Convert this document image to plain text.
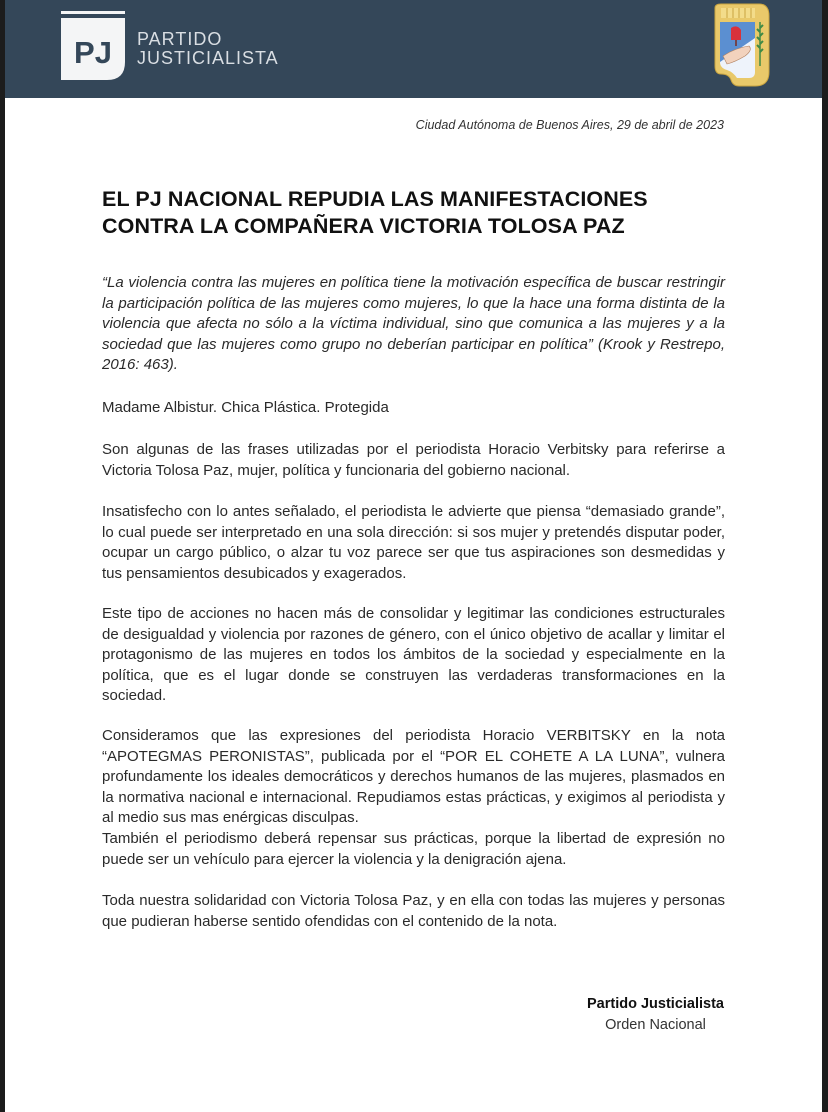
PJ PARTIDO
JUSTICIALISTA
Ciudad Autónoma de Buenos Aires, 29 de abril de 2023
EL PJ NACIONAL REPUDIA LAS MANIFESTACIONES
CONTRA LA COMPAÑERA VICTORIA TOLOSA PAZ
“La violencia contra las mujeres en política tiene la motivación específica de buscar restringir la participación política de las mujeres como mujeres, lo que la hace una forma distinta de la violencia que afecta no sólo a la víctima individual, sino que comunica a las mujeres y a la sociedad que las mujeres como grupo no deberían participar en política” (Krook y Restrepo, 2016: 463).
Madame Albistur. Chica Plástica. Protegida
Son algunas de las frases utilizadas por el periodista Horacio Verbitsky para referirse a Victoria Tolosa Paz, mujer, política y funcionaria del gobierno nacional.
Insatisfecho con lo antes señalado, el periodista le advierte que piensa “demasiado grande”, lo cual puede ser interpretado en una sola dirección: si sos mujer y pretendés disputar poder, ocupar un cargo público, o alzar tu voz parece ser que tus aspiraciones son desmedidas y tus pensamientos desubicados y exagerados.
Este tipo de acciones no hacen más de consolidar y legitimar las condiciones estructurales de desigualdad y violencia por razones de género, con el único objetivo de acallar y limitar el protagonismo de las mujeres en todos los ámbitos de la sociedad y especialmente en la política, que es el lugar donde se construyen las verdaderas transformaciones en la sociedad.
Consideramos que las expresiones del periodista Horacio VERBITSKY en la nota “APOTEGMAS PERONISTAS”, publicada por el “POR EL COHETE A LA LUNA”, vulnera profundamente los ideales democráticos y derechos humanos de las mujeres, plasmados en la normativa nacional e internacional. Repudiamos estas prácticas, y exigimos al periodista y al medio sus mas enérgicas disculpas.
También el periodismo deberá repensar sus prácticas, porque la libertad de expresión no puede ser un vehículo para ejercer la violencia y la denigración ajena.
Toda nuestra solidaridad con Victoria Tolosa Paz, y en ella con todas las mujeres y personas que pudieran haberse sentido ofendidas con el contenido de la nota.
Partido Justicialista
Orden Nacional
